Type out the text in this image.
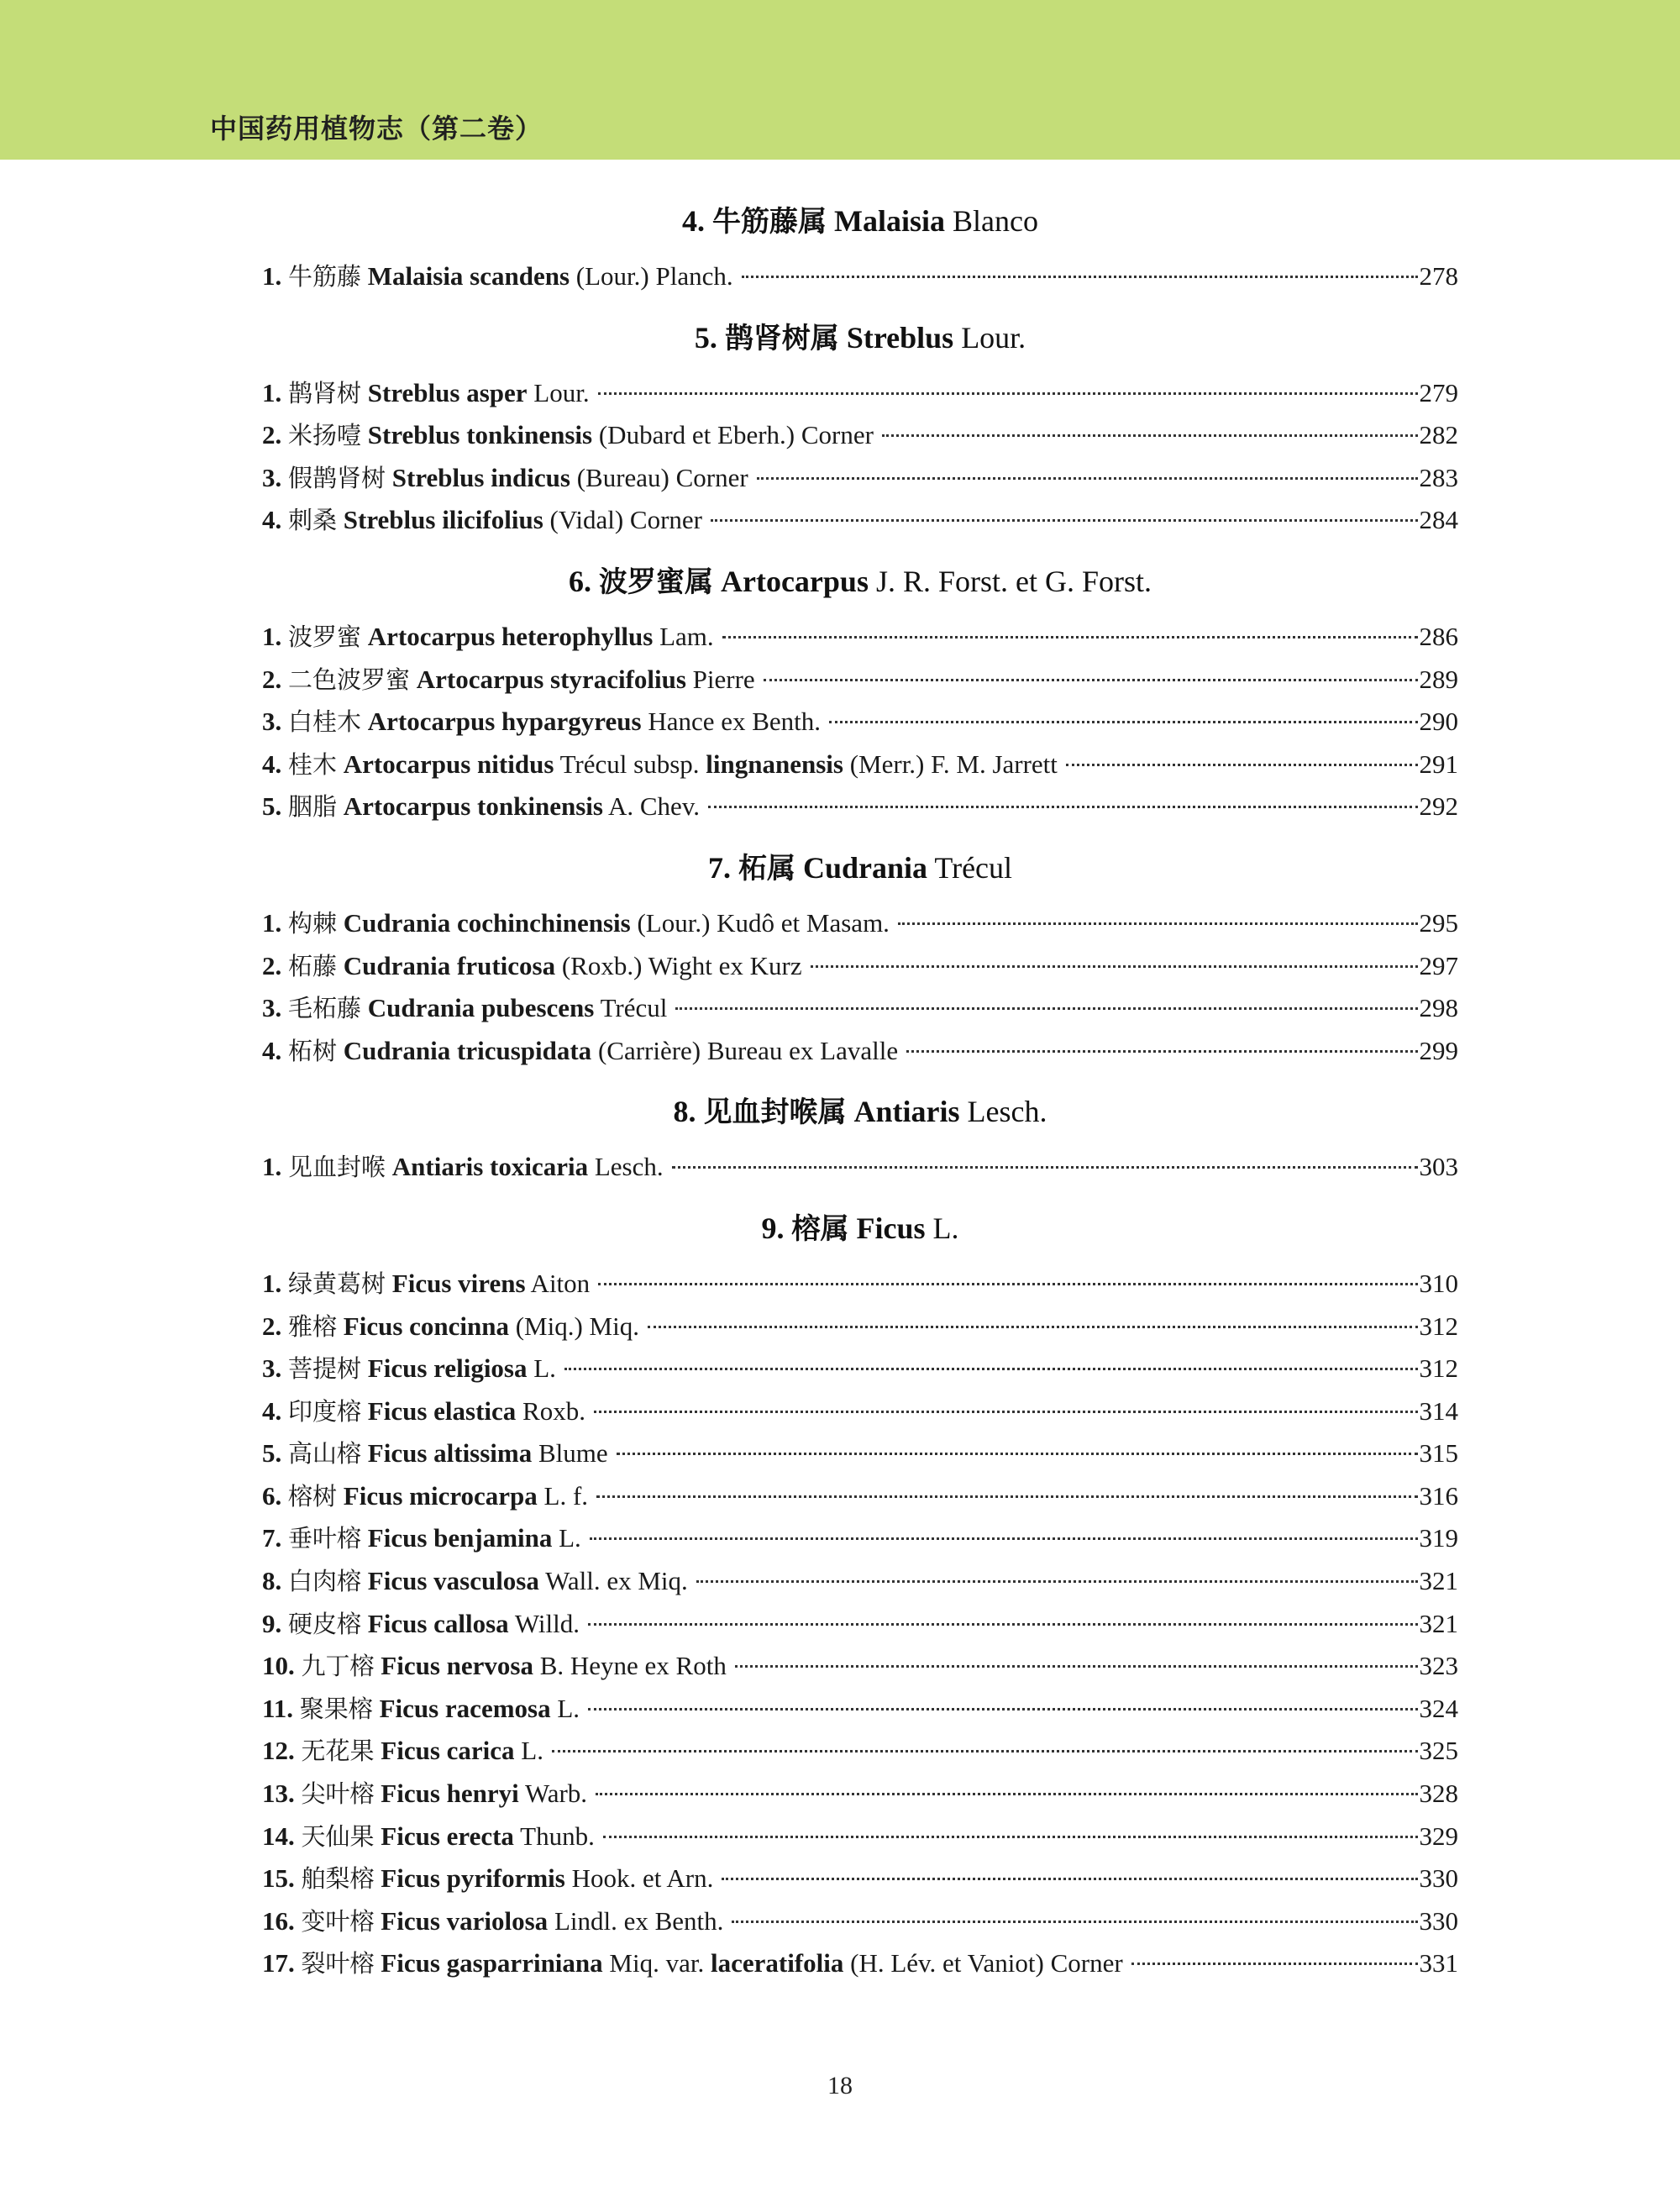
中国药用植物志（第二卷）
4. 牛筋藤属 Malaisia Blanco
1. 牛筋藤 Malaisia scandens (Lour.) Planch.	278
5. 鹊肾树属 Streblus Lour.
1. 鹊肾树 Streblus asper Lour.	279
2. 米扬噎 Streblus tonkinensis (Dubard et Eberh.) Corner	282
3. 假鹊肾树 Streblus indicus (Bureau) Corner	283
4. 刺桑 Streblus ilicifolius (Vidal) Corner	284
6. 波罗蜜属 Artocarpus J. R. Forst. et G. Forst.
1. 波罗蜜 Artocarpus heterophyllus Lam.	286
2. 二色波罗蜜 Artocarpus styracifolius Pierre	289
3. 白桂木 Artocarpus hypargyreus Hance ex Benth.	290
4. 桂木 Artocarpus nitidus Trécul subsp. lingnanensis (Merr.) F. M. Jarrett	291
5. 胭脂 Artocarpus tonkinensis A. Chev.	292
7. 柘属 Cudrania Trécul
1. 构棘 Cudrania cochinchinensis (Lour.) Kudô et Masam.	295
2. 柘藤 Cudrania fruticosa (Roxb.) Wight ex Kurz	297
3. 毛柘藤 Cudrania pubescens Trécul	298
4. 柘树 Cudrania tricuspidata (Carrière) Bureau ex Lavalle	299
8. 见血封喉属 Antiaris Lesch.
1. 见血封喉 Antiaris toxicaria Lesch.	303
9. 榕属 Ficus L.
1. 绿黄葛树 Ficus virens Aiton	310
2. 雅榕 Ficus concinna (Miq.) Miq.	312
3. 菩提树 Ficus religiosa L.	312
4. 印度榕 Ficus elastica Roxb.	314
5. 高山榕 Ficus altissima Blume	315
6. 榕树 Ficus microcarpa L. f.	316
7. 垂叶榕 Ficus benjamina L.	319
8. 白肉榕 Ficus vasculosa Wall. ex Miq.	321
9. 硬皮榕 Ficus callosa Willd.	321
10. 九丁榕 Ficus nervosa B. Heyne ex Roth	323
11. 聚果榕 Ficus racemosa L.	324
12. 无花果 Ficus carica L.	325
13. 尖叶榕 Ficus henryi Warb.	328
14. 天仙果 Ficus erecta Thunb.	329
15. 舶梨榕 Ficus pyriformis Hook. et Arn.	330
16. 变叶榕 Ficus variolosa Lindl. ex Benth.	330
17. 裂叶榕 Ficus gasparriniana Miq. var. laceratifolia (H. Lév. et Vaniot) Corner	331
18
